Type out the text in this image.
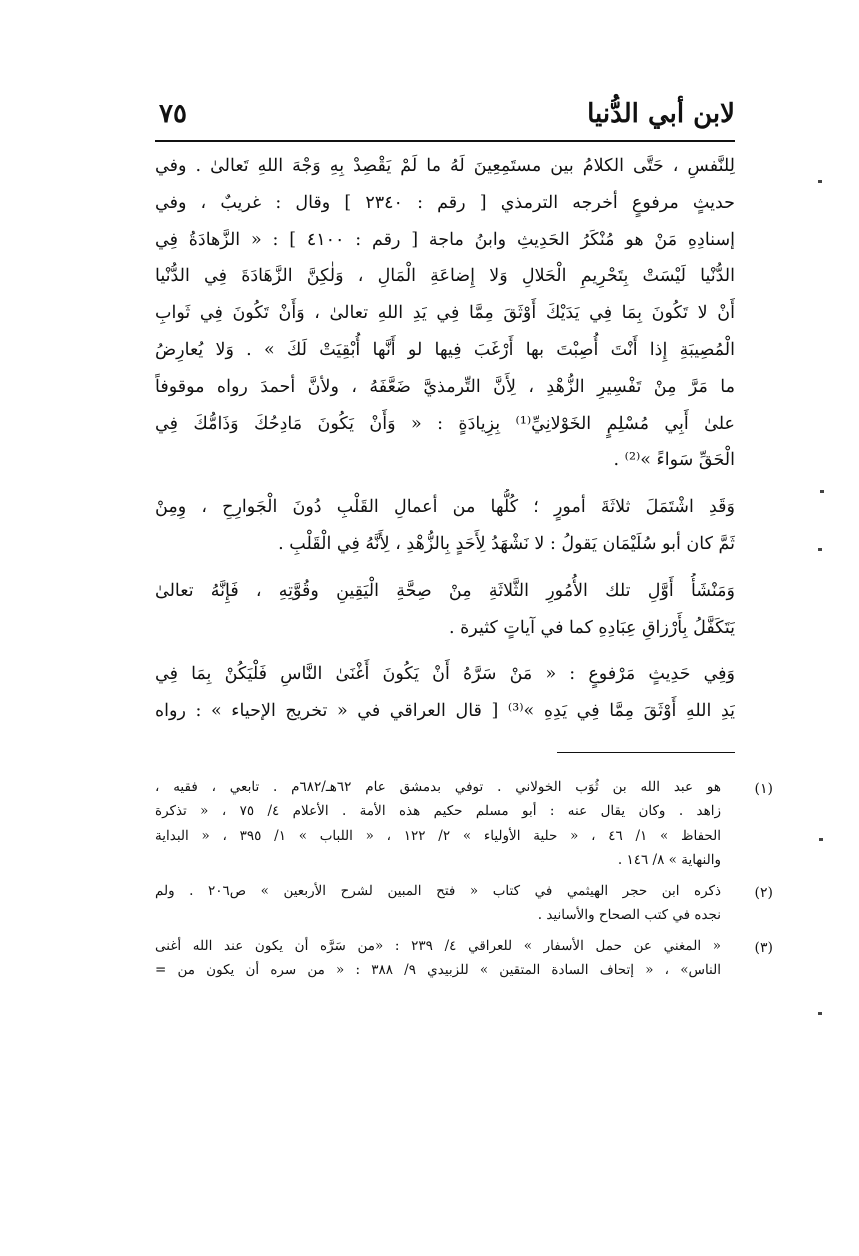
لابن أبي الدُّنيا
٧٥
لِلنَّفسِ ، حَتَّى الكلامُ بين مستَمِعِينَ لَهُ ما لَمْ يَقْصِدْ بِهِ وَجْهَ اللهِ تَعالىٰ . وفي
حديثٍ مرفوعٍ أخرجه الترمذي [ رقم : ٢٣٤٠ ] وقال : غريبٌ ، وفي
إسنادِهِ مَنْ هو مُنْكَرُ الحَدِيثِ وابنُ ماجة [ رقم : ٤١٠٠ ] : « الزَّهادَةُ فِي
الدُّنْيا لَيْسَتْ بِتَحْرِيمِ الْحَلالِ وَلا إِضاعَةِ الْمَالِ ، وَلٰكِنَّ الزَّهَادَةَ فِي الدُّنْيا
أَنْ لا تَكُونَ بِمَا فِي يَدَيْكَ أَوْثَقَ مِمَّا فِي يَدِ اللهِ تعالىٰ ، وَأَنْ تَكُونَ فِي ثَوابِ
الْمُصِيبَةِ إِذا أَنْتَ أُصِبْتَ بها أَرْغَبَ فِيها لو أَنَّها أُبْقِيَتْ لَكَ » . وَلا يُعارِضُ
ما مَرَّ مِنْ تَفْسِيرِ الزُّهْدِ ، لِأَنَّ التِّرمذيَّ ضَعَّفَهُ ، ولأنَّ أحمدَ رواه موقوفاً
علىٰ أَبِي مُسْلِمٍ الخَوْلانِيِّ⁽¹⁾ بِزِيادَةٍ : « وَأَنْ يَكُونَ مَادِحُكَ وَذَامُّكَ فِي
الْحَقِّ سَواءً »⁽²⁾ .
وَقَدِ اشْتَمَلَ ثلاثَةَ أمورٍ ؛ كُلُّها من أعمالِ القَلْبِ دُونَ الْجَوارِحِ ، وِمِنْ
ثَمَّ كان أبو سُلَيْمَان يَقولُ : لا نَشْهَدُ لِأَحَدٍ بِالزُّهْدِ ، لِأَنَّهُ فِي الْقَلْبِ .
وَمَنْشَأُ أَوَّلِ تلك الأُمُورِ الثَّلاثَةِ مِنْ صِحَّةِ الْيَقِينِ وقُوَّتِهِ ، فَإِنَّهُ تعالىٰ
يَتَكَفَّلُ بِأَرْزاقِ عِبَادِهِ كما في آياتٍ كثيرة .
وَفِي حَدِيثٍ مَرْفوعٍ : « مَنْ سَرَّهُ أَنْ يَكُونَ أَغْنَىٰ النَّاسِ فَلْيَكُنْ بِمَا فِي
يَدِ اللهِ أَوْثَقَ مِمَّا فِي يَدِهِ »⁽³⁾ [ قال العراقي في « تخريج الإحياء » : رواه
(١)
هو عبد الله بن ثُوَب الخولاني . توفي بدمشق عام ٦٢هـ/٦٨٢م . تابعي ، فقيه ،
زاهد . وكان يقال عنه : أبو مسلم حكيم هذه الأمة . الأعلام ٤/ ٧٥ ، « تذكرة
الحفاظ » ١/ ٤٦ ، « حلية الأولياء » ٢/ ١٢٢ ، « اللباب » ١/ ٣٩٥ ، « البداية
والنهاية » ٨/ ١٤٦ .
(٢)
ذكره ابن حجر الهيثمي في كتاب « فتح المبين لشرح الأربعين » ص٢٠٦ . ولم
نجده في كتب الصحاح والأسانيد .
(٣)
« المغني عن حمل الأسفار » للعراقي ٤/ ٢٣٩ : «من سَرَّه أن يكون عند الله أغنى
الناس» ، « إتحاف السادة المتقين » للزبيدي ٩/ ٣٨٨ : « من سره أن يكون من =
